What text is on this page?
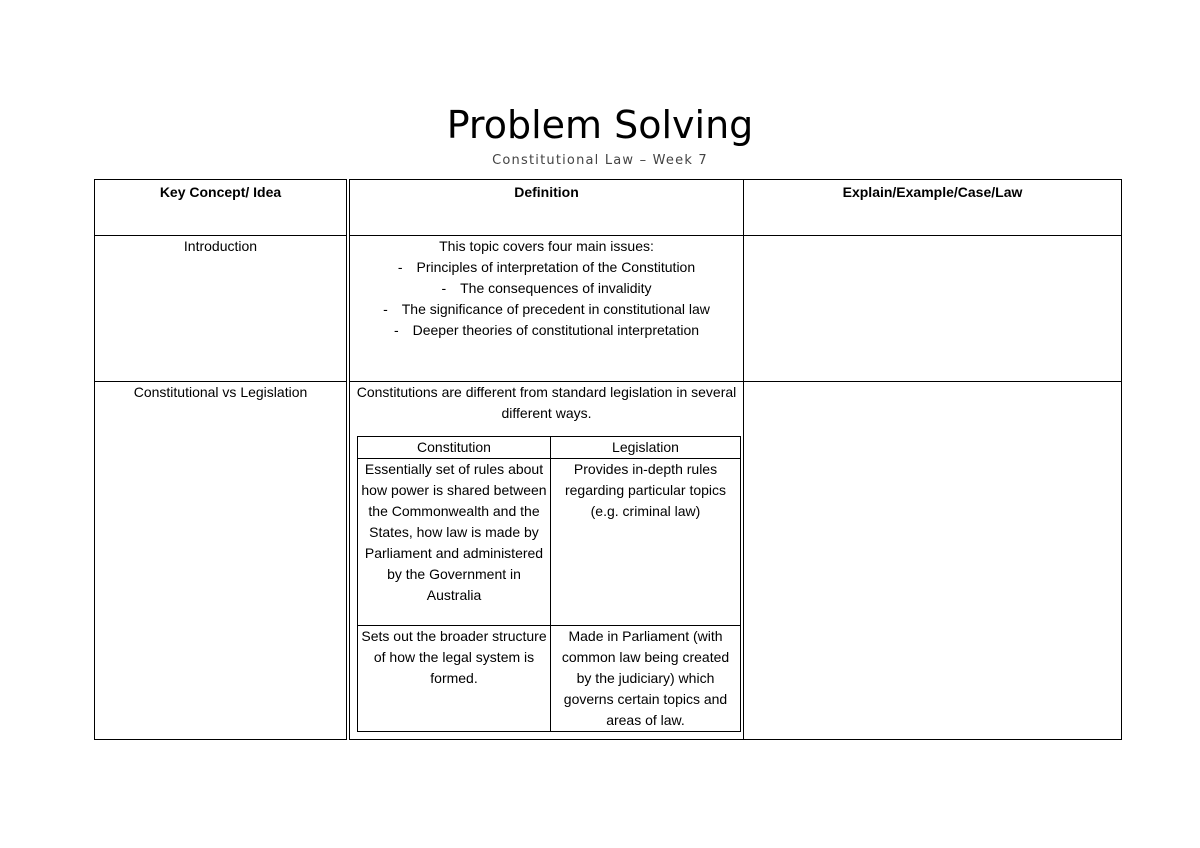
Problem Solving
Constitutional Law – Week 7
Key Concept/ Idea	Definition	Explain/Example/Case/Law

Introduction	This topic covers four main issues:
- Principles of interpretation of the Constitution
- The consequences of invalidity
- The significance of precedent in constitutional law
- Deeper theories of constitutional interpretation

Constitutional vs Legislation	Constitutions are different from standard legislation in several different ways.
Constitution	Legislation
Essentially set of rules about how power is shared between the Commonwealth and the States, how law is made by Parliament and administered by the Government in Australia	Provides in-depth rules regarding particular topics (e.g. criminal law)
Sets out the broader structure of how the legal system is formed.	Made in Parliament (with common law being created by the judiciary) which governs certain topics and areas of law.
